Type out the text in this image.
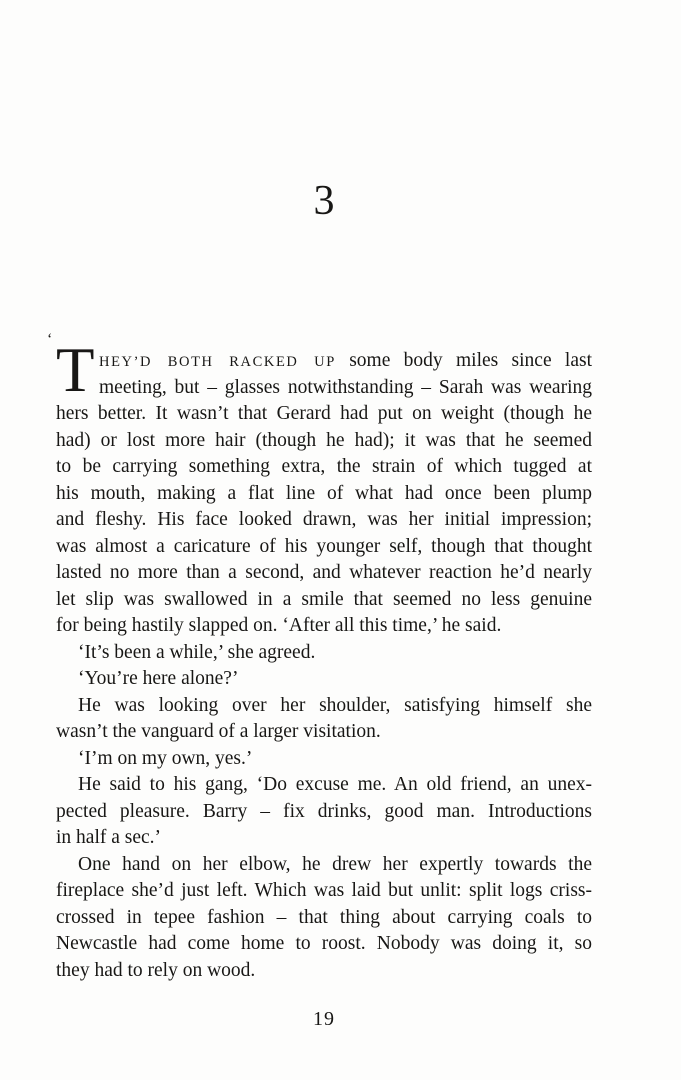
3
‘ T HEY’D BOTH RACKED UP some body miles since last
meeting, but – glasses notwithstanding – Sarah was wearing
hers better. It wasn’t that Gerard had put on weight (though he
had) or lost more hair (though he had); it was that he seemed
to be carrying something extra, the strain of which tugged at
his mouth, making a flat line of what had once been plump
and fleshy. His face looked drawn, was her initial impression;
was almost a caricature of his younger self, though that thought
lasted no more than a second, and whatever reaction he’d nearly
let slip was swallowed in a smile that seemed no less genuine
for being hastily slapped on. ‘After all this time,’ he said.
‘It’s been a while,’ she agreed.
‘You’re here alone?’
He was looking over her shoulder, satisfying himself she
wasn’t the vanguard of a larger visitation.
‘I’m on my own, yes.’
He said to his gang, ‘Do excuse me. An old friend, an unex-
pected pleasure. Barry – fix drinks, good man. Introductions
in half a sec.’
One hand on her elbow, he drew her expertly towards the
fireplace she’d just left. Which was laid but unlit: split logs criss-
crossed in tepee fashion – that thing about carrying coals to
Newcastle had come home to roost. Nobody was doing it, so
they had to rely on wood.
19
